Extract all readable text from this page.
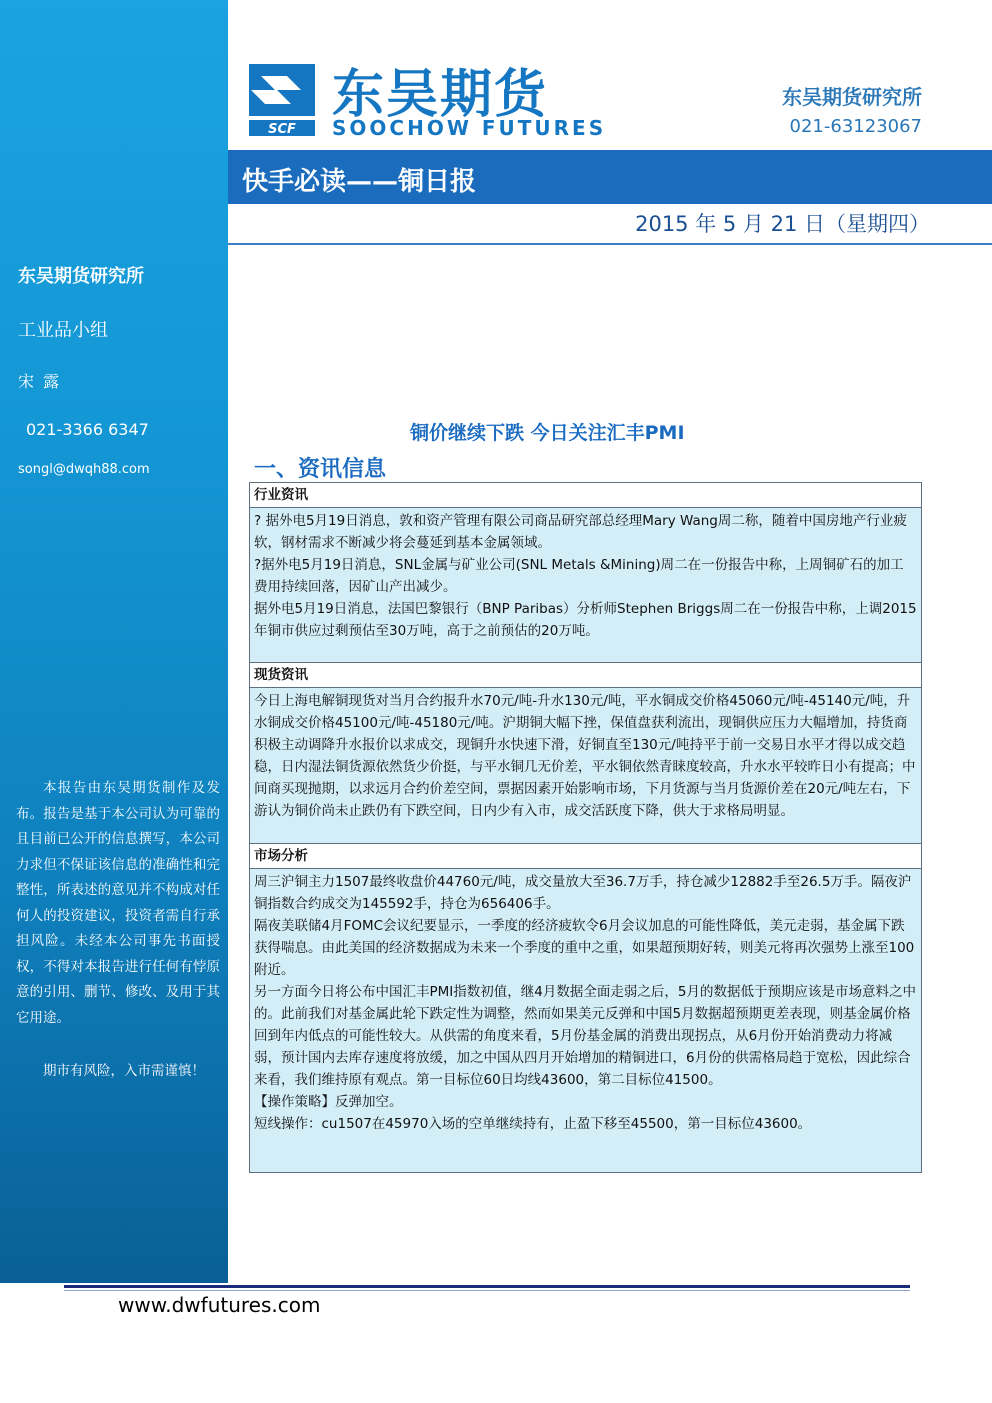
东吴期货研究所
工业品小组
宋 露
021-3366 6347
songl@dwqh88.com
本报告由东吴期货制作及发布。报告是基于本公司认为可靠的且目前已公开的信息撰写，本公司力求但不保证该信息的准确性和完整性，所表述的意见并不构成对任何人的投资建议，投资者需自行承担风险。未经本公司事先书面授权，不得对本报告进行任何有悖原意的引用、删节、修改、及用于其它用途。
期市有风险，入市需谨慎！
SCF
东吴期货
SOOCHOW FUTURES
东吴期货研究所
021-63123067
快手必读——铜日报
2015 年 5 月 21 日（星期四）
铜价继续下跌 今日关注汇丰PMI
一、资讯信息
行业资讯

? 据外电5月19日消息，敦和资产管理有限公司商品研究部总经理Mary Wang周二称，随着中国房地产行业疲软，钢材需求不断减少将会蔓延到基本金属领域。

?据外电5月19日消息，SNL金属与矿业公司(SNL Metals &Mining)周二在一份报告中称，上周铜矿石的加工费用持续回落，因矿山产出减少。

据外电5月19日消息，法国巴黎银行（BNP Paribas）分析师Stephen Briggs周二在一份报告中称，上调2015年铜市供应过剩预估至30万吨，高于之前预估的20万吨。

现货资讯

今日上海电解铜现货对当月合约报升水70元/吨-升水130元/吨，平水铜成交价格45060元/吨-45140元/吨，升水铜成交价格45100元/吨-45180元/吨。沪期铜大幅下挫，保值盘获利流出，现铜供应压力大幅增加，持货商积极主动调降升水报价以求成交，现铜升水快速下滑，好铜直至130元/吨持平于前一交易日水平才得以成交趋稳，日内湿法铜货源依然货少价挺，与平水铜几无价差，平水铜依然青睐度较高，升水水平较昨日小有提高；中间商买现抛期，以求远月合约价差空间，票据因素开始影响市场，下月货源与当月货源价差在20元/吨左右，下游认为铜价尚未止跌仍有下跌空间，日内少有入市，成交活跃度下降，供大于求格局明显。

市场分析

周三沪铜主力1507最终收盘价44760元/吨，成交量放大至36.7万手，持仓减少12882手至26.5万手。隔夜沪铜指数合约成交为145592手，持仓为656406手。

隔夜美联储4月FOMC会议纪要显示，一季度的经济疲软令6月会议加息的可能性降低，美元走弱，基金属下跌获得喘息。由此美国的经济数据成为未来一个季度的重中之重，如果超预期好转，则美元将再次强势上涨至100附近。

另一方面今日将公布中国汇丰PMI指数初值，继4月数据全面走弱之后，5月的数据低于预期应该是市场意料之中的。此前我们对基金属此轮下跌定性为调整，然而如果美元反弹和中国5月数据超预期更差表现，则基金属价格回到年内低点的可能性较大。从供需的角度来看，5月份基金属的消费出现拐点，从6月份开始消费动力将减弱，预计国内去库存速度将放缓，加之中国从四月开始增加的精铜进口，6月份的供需格局趋于宽松，因此综合来看，我们维持原有观点。第一目标位60日均线43600，第二目标位41500。

【操作策略】反弹加空。

短线操作：cu1507在45970入场的空单继续持有，止盈下移至45500，第一目标位43600。

www.dwfutures.com
